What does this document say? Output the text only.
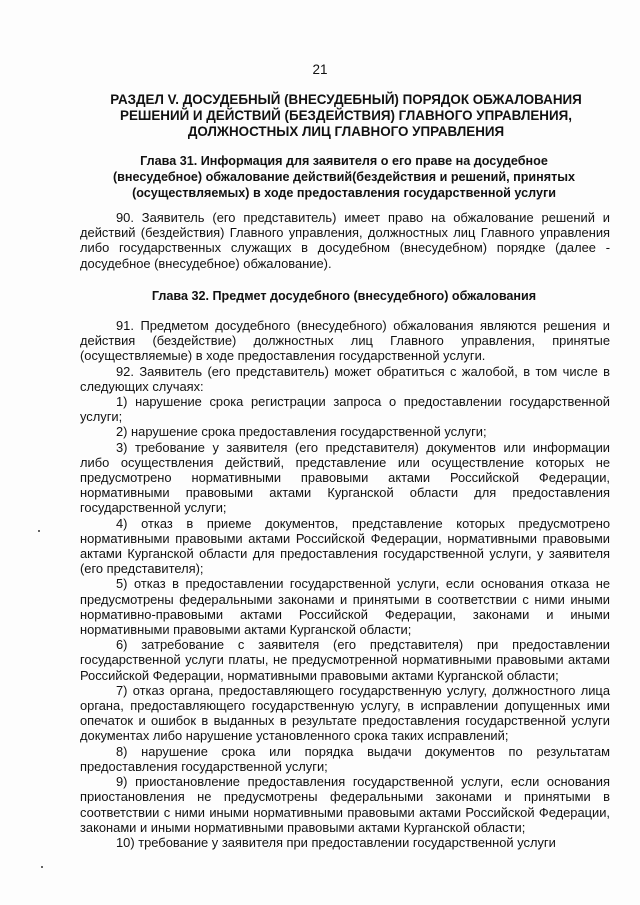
21
РАЗДЕЛ V. ДОСУДЕБНЫЙ (ВНЕСУДЕБНЫЙ) ПОРЯДОК ОБЖАЛОВАНИЯ РЕШЕНИЙ И ДЕЙСТВИЙ (БЕЗДЕЙСТВИЯ) ГЛАВНОГО УПРАВЛЕНИЯ, ДОЛЖНОСТНЫХ ЛИЦ ГЛАВНОГО УПРАВЛЕНИЯ
Глава 31. Информация для заявителя о его праве на досудебное (внесудебное) обжалование действий(бездействия и решений, принятых (осуществляемых) в ходе предоставления государственной услуги
90. Заявитель (его представитель) имеет право на обжалование решений и действий (бездействия) Главного управления, должностных лиц Главного управления либо государственных служащих в досудебном (внесудебном) порядке (далее - досудебное (внесудебное) обжалование).
Глава 32. Предмет досудебного (внесудебного) обжалования

91. Предметом досудебного (внесудебного) обжалования являются решения и действия (бездействие) должностных лиц Главного управления, принятые (осуществляемые) в ходе предоставления государственной услуги.

92. Заявитель (его представитель) может обратиться с жалобой, в том числе в следующих случаях:

1) нарушение срока регистрации запроса о предоставлении государственной услуги;

2) нарушение срока предоставления государственной услуги;

3) требование у заявителя (его представителя) документов или информации либо осуществления действий, представление или осуществление которых не предусмотрено нормативными правовыми актами Российской Федерации, нормативными правовыми актами Курганской области для предоставления государственной услуги;

4) отказ в приеме документов, представление которых предусмотрено нормативными правовыми актами Российской Федерации, нормативными правовыми актами Курганской области для предоставления государственной услуги, у заявителя (его представителя);

5) отказ в предоставлении государственной услуги, если основания отказа не предусмотрены федеральными законами и принятыми в соответствии с ними иными нормативно-правовыми актами Российской Федерации, законами и иными нормативными правовыми актами Курганской области;

6) затребование с заявителя (его представителя) при предоставлении государственной услуги платы, не предусмотренной нормативными правовыми актами Российской Федерации, нормативными правовыми актами Курганской области;

7) отказ органа, предоставляющего государственную услугу, должностного лица органа, предоставляющего государственную услугу, в исправлении допущенных ими опечаток и ошибок в выданных в результате предоставления государственной услуги документах либо нарушение установленного срока таких исправлений;

8) нарушение срока или порядка выдачи документов по результатам предоставления государственной услуги;

9) приостановление предоставления государственной услуги, если основания приостановления не предусмотрены федеральными законами и принятыми в соответствии с ними иными нормативными правовыми актами Российской Федерации, законами и иными нормативными правовыми актами Курганской области;

10) требование у заявителя при предоставлении государственной услуги
